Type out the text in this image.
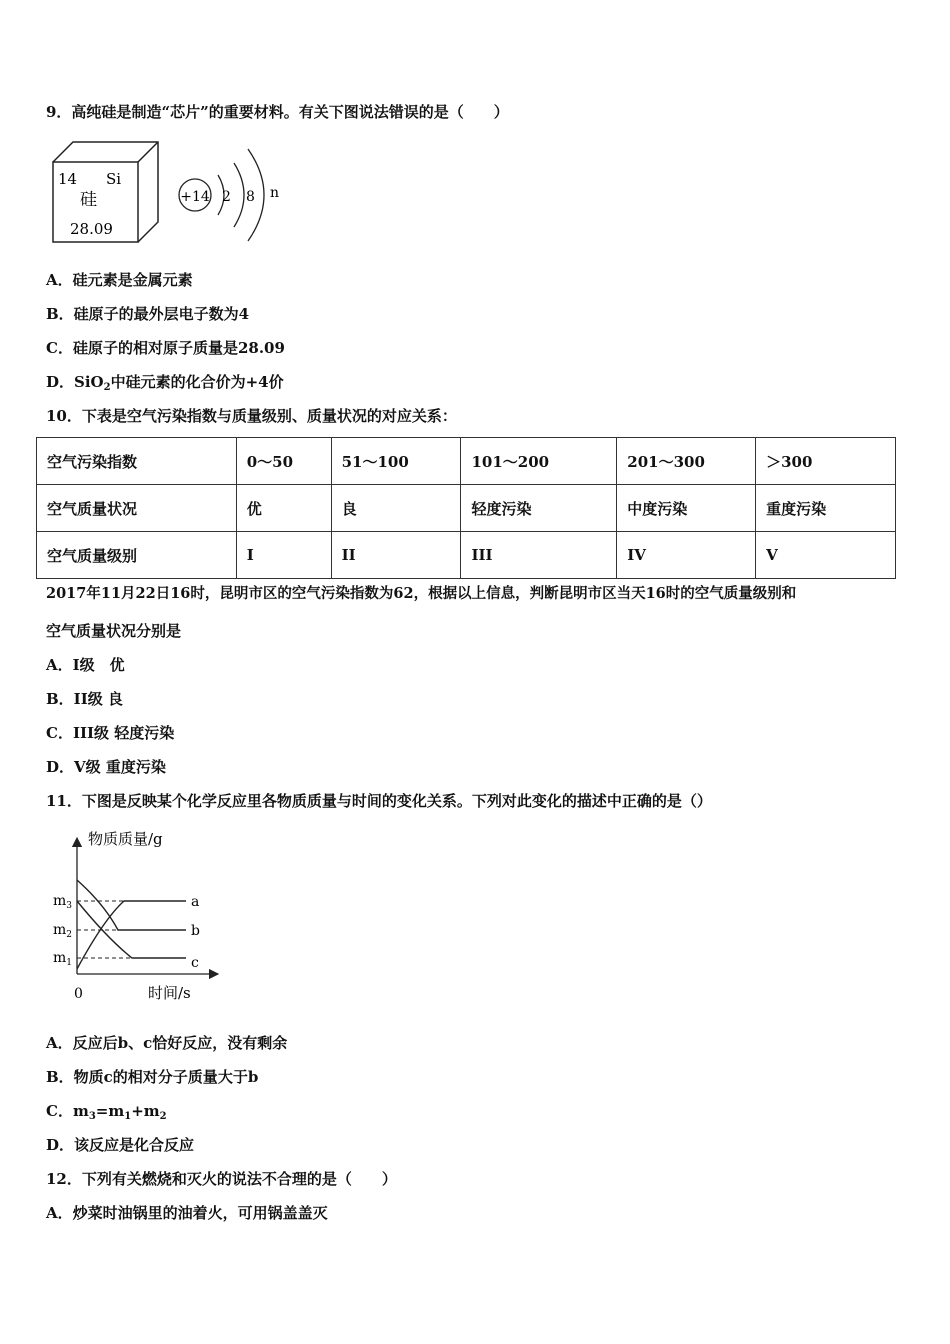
9．高纯硅是制造“芯片”的重要材料。有关下图说法错误的是（　　）
14 Si
硅
28.09
+14 2 8 n
A．硅元素是金属元素
B．硅原子的最外层电子数为4
C．硅原子的相对原子质量是28.09
D．SiO$_2$中硅元素的化合价为+4价
10．下表是空气污染指数与质量级别、质量状况的对应关系：
空气污染指数	0～50	51～100	101～200	201～300	＞300
空气质量状况	优	良	轻度污染	中度污染	重度污染
空气质量级别	I	II	III	IV	V
2017年11月22日16时，昆明市区的空气污染指数为62，根据以上信息，判断昆明市区当天16时的空气质量级别和
空气质量状况分别是
A．I级　优
B．II级 良
C．III级 轻度污染
D．V级 重度污染
11．下图是反映某个化学反应里各物质质量与时间的变化关系。下列对此变化的描述中正确的是（）
物质质量/g
时间/s
0
$m_3$
$m_2$
$m_1$
a
b
c
A．反应后b、c恰好反应，没有剩余
B．物质c的相对分子质量大于b
C．$m_3=m_1+m_2$
D．该反应是化合反应
12．下列有关燃烧和灭火的说法不合理的是（　　）
A．炒菜时油锅里的油着火，可用锅盖盖灭
